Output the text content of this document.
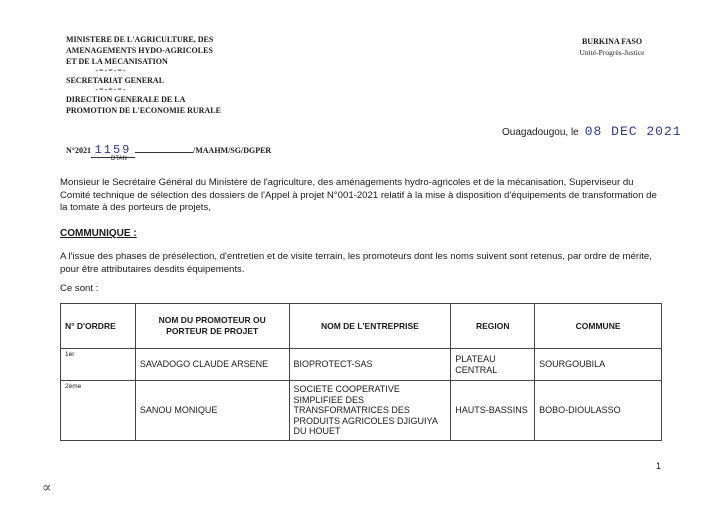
MINISTERE DE L'AGRICULTURE, DES
AMENAGEMENTS HYDO-AGRICOLES
ET DE LA MECANISATION
-=-=-=-
SECRETARIAT GENERAL
-=-=-=-
DIRECTION GENERALE DE LA
PROMOTION DE L'ECONOMIE RURALE
BURKINA FASO
Unité-Progrès-Justice
N°2021 1159	/MAAHM/SG/DGPER
DTAN
Ouagadougou, le 08 DEC 2021
Monsieur le Secrétaire Général du Ministère de l'agriculture, des aménagements hydro-agricoles et de la mécanisation, Superviseur du Comité technique de sélection des dossiers de l'Appel à projet N°001-2021 relatif à la mise à disposition d'équipements de transformation de la tomate à des porteurs de projets,
COMMUNIQUE :
A l'issue des phases de présélection, d'entretien et de visite terrain, les promoteurs dont les noms suivent sont retenus, par ordre de mérite, pour être attributaires desdits équipements.
Ce sont :
N° D'ORDRE	NOM DU PROMOTEUR OU PORTEUR DE PROJET	NOM DE L'ENTREPRISE	REGION	COMMUNE
1er	SAVADOGO CLAUDE ARSENE	BIOPROTECT-SAS	PLATEAU CENTRAL	SOURGOUBILA
2ème	SANOU MONIQUE	SOCIETE COOPERATIVE SIMPLIFIEE DES TRANSFORMATRICES DES PRODUITS AGRICOLES DJIGUIYA DU HOUET	HAUTS-BASSINS	BOBO-DIOULASSO
1
∝
